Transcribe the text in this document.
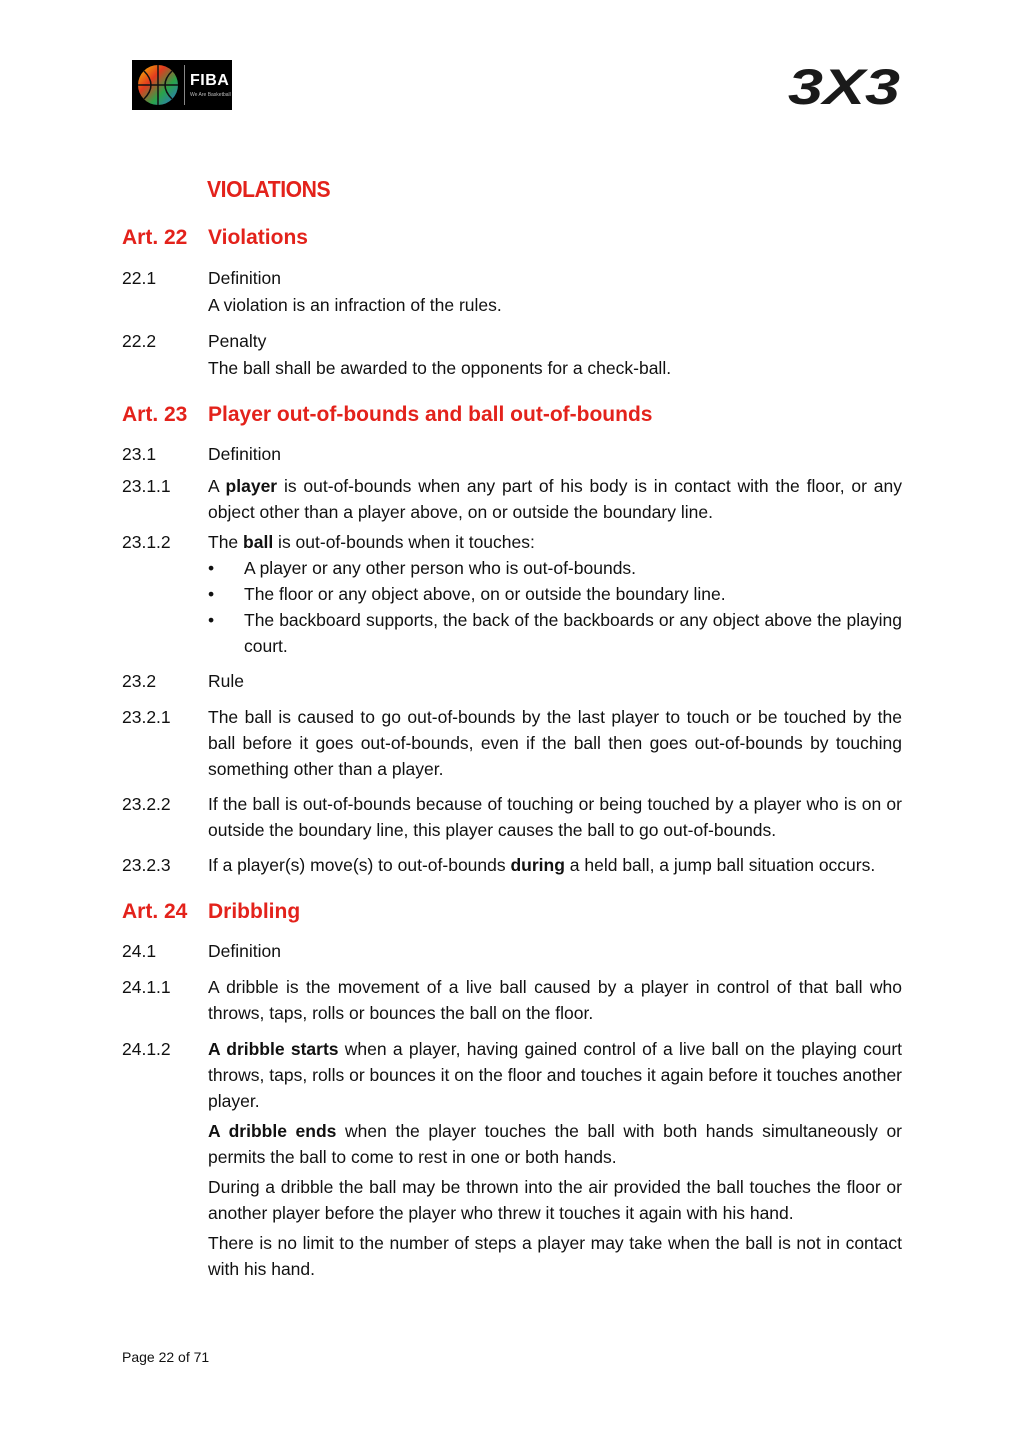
FIBA
We Are Basketball	3X3
VIOLATIONS
Art. 22 Violations
22.1	Definition
A violation is an infraction of the rules.
22.2	Penalty
The ball shall be awarded to the opponents for a check-ball.
Art. 23 Player out-of-bounds and ball out-of-bounds
23.1	Definition
23.1.1	A player is out-of-bounds when any part of his body is in contact with the floor, or any object other than a player above, on or outside the boundary line.
23.1.2	The ball is out-of-bounds when it touches:
• A player or any other person who is out-of-bounds.
• The floor or any object above, on or outside the boundary line.
• The backboard supports, the back of the backboards or any object above the playing court.
23.2	Rule
23.2.1	The ball is caused to go out-of-bounds by the last player to touch or be touched by the ball before it goes out-of-bounds, even if the ball then goes out-of-bounds by touching something other than a player.
23.2.2	If the ball is out-of-bounds because of touching or being touched by a player who is on or outside the boundary line, this player causes the ball to go out-of-bounds.
23.2.3	If a player(s) move(s) to out-of-bounds during a held ball, a jump ball situation occurs.
Art. 24 Dribbling
24.1	Definition
24.1.1	A dribble is the movement of a live ball caused by a player in control of that ball who throws, taps, rolls or bounces the ball on the floor.
24.1.2	A dribble starts when a player, having gained control of a live ball on the playing court throws, taps, rolls or bounces it on the floor and touches it again before it touches another player.

A dribble ends when the player touches the ball with both hands simultaneously or permits the ball to come to rest in one or both hands.

During a dribble the ball may be thrown into the air provided the ball touches the floor or another player before the player who threw it touches it again with his hand.

There is no limit to the number of steps a player may take when the ball is not in contact with his hand.

Page 22 of 71
